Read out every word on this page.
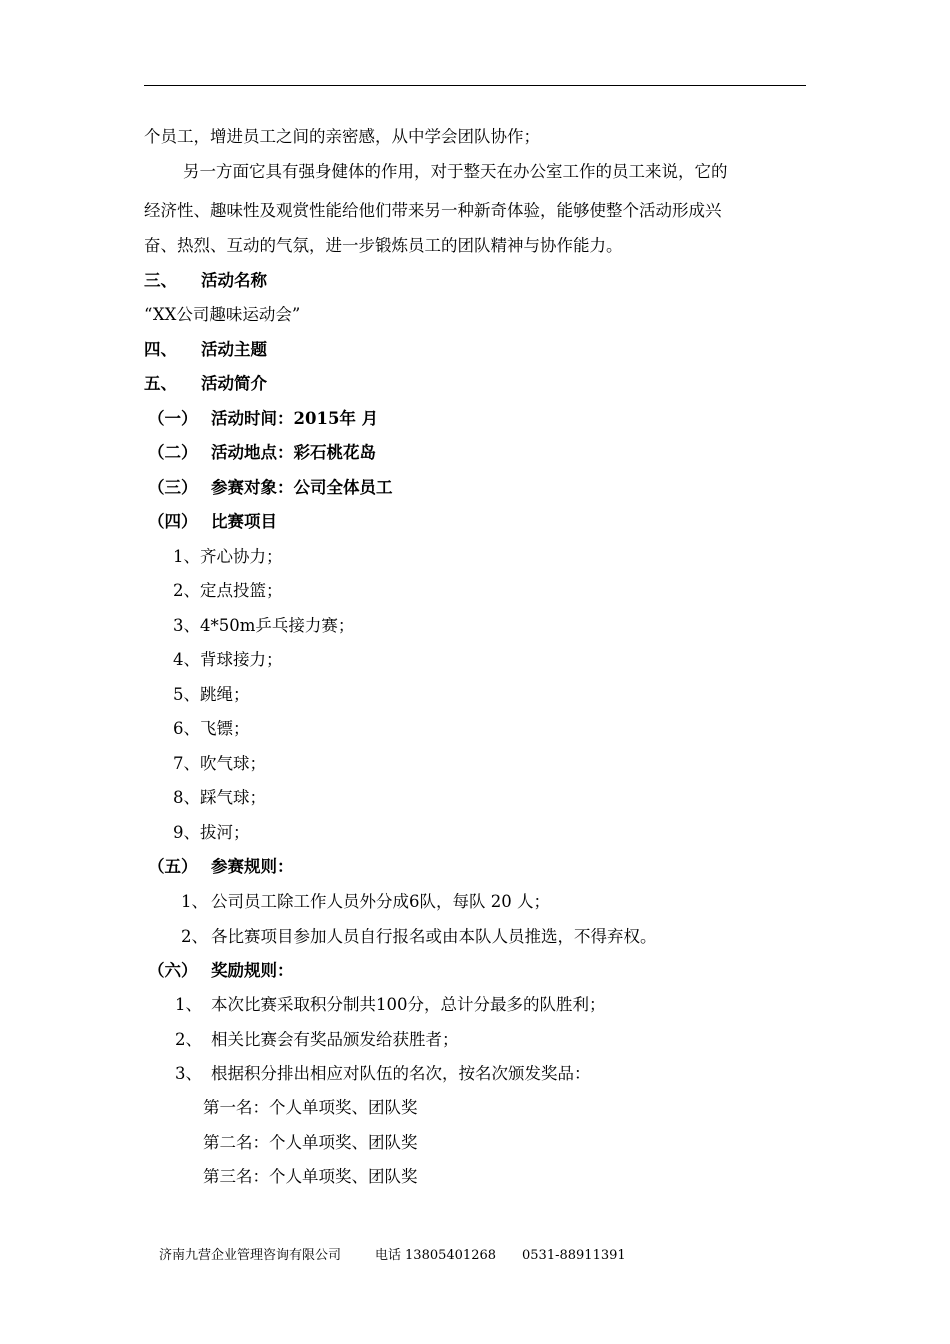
个员工，增进员工之间的亲密感，从中学会团队协作；
另一方面它具有强身健体的作用，对于整天在办公室工作的员工来说，它的
经济性、趣味性及观赏性能给他们带来另一种新奇体验，能够使整个活动形成兴
奋、热烈、互动的气氛，进一步锻炼员工的团队精神与协作能力。
三、 活动名称
“XX公司趣味运动会”
四、 活动主题
五、 活动简介
（一） 活动时间：2015年 月
（二） 活动地点：彩石桃花岛
（三） 参赛对象：公司全体员工
（四） 比赛项目
1、齐心协力；
2、定点投篮；
3、4*50m乒乓接力赛；
4、背球接力；
5、跳绳；
6、飞镖；
7、吹气球；
8、踩气球；
9、拔河；
（五） 参赛规则：
1、 公司员工除工作人员外分成6队，每队 20 人；
2、 各比赛项目参加人员自行报名或由本队人员推选，不得弃权。
（六） 奖励规则：
1、 本次比赛采取积分制共100分，总计分最多的队胜利；
2、 相关比赛会有奖品颁发给获胜者；
3、 根据积分排出相应对队伍的名次，按名次颁发奖品：
第一名：个人单项奖、团队奖
第二名：个人单项奖、团队奖
第三名：个人单项奖、团队奖
济南九营企业管理咨询有限公司	电话 13805401268 0531-88911391
